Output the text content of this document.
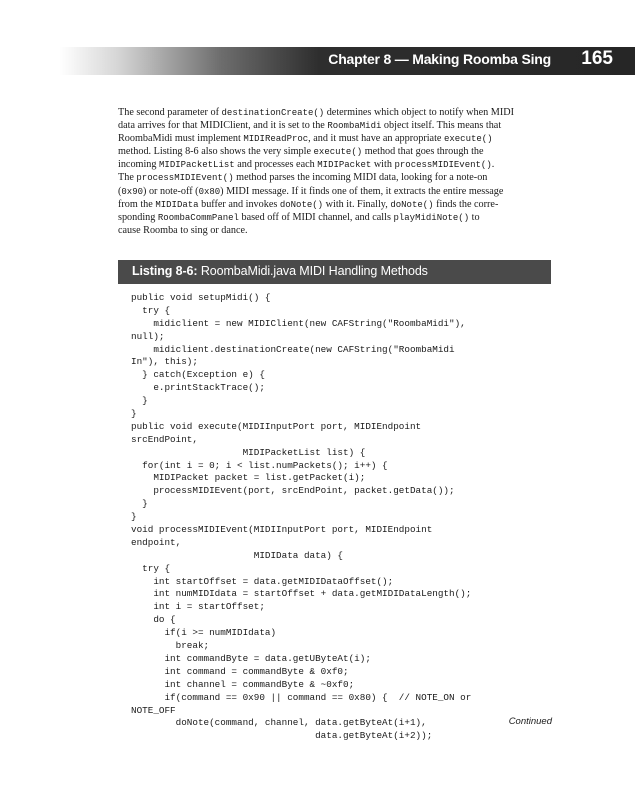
Chapter 8 — Making Roomba Sing 165
The second parameter of destinationCreate() determines which object to notify when MIDI
data arrives for that MIDIClient, and it is set to the RoombaMidi object itself. This means that
RoombaMidi must implement MIDIReadProc, and it must have an appropriate execute()
method. Listing 8-6 also shows the very simple execute() method that goes through the
incoming MIDIPacketList and processes each MIDIPacket with processMIDIEvent().
The processMIDIEvent() method parses the incoming MIDI data, looking for a note-on
(0x90) or note-off (0x80) MIDI message. If it finds one of them, it extracts the entire message
from the MIDIData buffer and invokes doNote() with it. Finally, doNote() finds the corre-
sponding RoombaCommPanel based off of MIDI channel, and calls playMidiNote() to
cause Roomba to sing or dance.
Listing 8-6: RoombaMidi.java MIDI Handling Methods
public void setupMidi() {
try {
midiclient = new MIDIClient(new CAFString("RoombaMidi"),
null);
midiclient.destinationCreate(new CAFString("RoombaMidi
In"), this);
} catch(Exception e) {
e.printStackTrace();
}
}
public void execute(MIDIInputPort port, MIDIEndpoint
srcEndPoint,
MIDIPacketList list) {
for(int i = 0; i < list.numPackets(); i++) {
MIDIPacket packet = list.getPacket(i);
processMIDIEvent(port, srcEndPoint, packet.getData());
}
}
void processMIDIEvent(MIDIInputPort port, MIDIEndpoint
endpoint,
MIDIData data) {
try {
int startOffset = data.getMIDIDataOffset();
int numMIDIdata = startOffset + data.getMIDIDataLength();
int i = startOffset;
do {
if(i >= numMIDIdata)
break;
int commandByte = data.getUByteAt(i);
int command = commandByte & 0xf0;
int channel = commandByte & ~0xf0;
if(command == 0x90 || command == 0x80) {  // NOTE_ON or
NOTE_OFF
doNote(command, channel, data.getByteAt(i+1),
data.getByteAt(i+2));
Continued
